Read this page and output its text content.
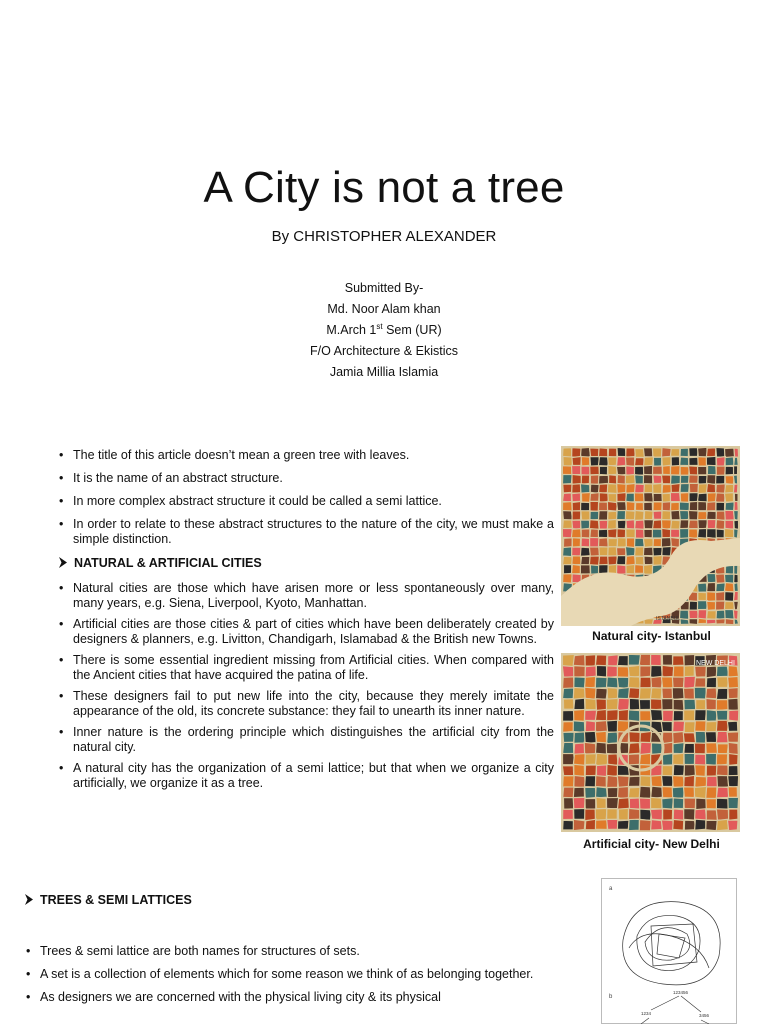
A City is not a tree
By CHRISTOPHER ALEXANDER
Submitted By-
Md. Noor Alam khan
M.Arch 1st Sem (UR)
F/O Architecture & Ekistics
Jamia Millia Islamia
• The title of this article doesn’t mean a green tree with leaves.
• It is the name of an abstract structure.
• In more complex abstract structure it could be called a semi lattice.
• In order to relate to these abstract structures to the nature of the city, we must make a simple distinction.
NATURAL & ARTIFICIAL CITIES
• Natural cities are those which have arisen more or less spontaneously over many, many years, e.g. Siena, Liverpool, Kyoto, Manhattan.
• Artificial cities are those cities & part of cities which have been deliberately created by designers & planners, e.g. Livitton, Chandigarh, Islamabad & the British new Towns.
• There is some essential ingredient missing from Artificial cities. When compared with the Ancient cities that have acquired the patina of life.
• These designers fail to put new life into the city, because they merely imitate the appearance of the old, its concrete substance: they fail to unearth its inner nature.
• Inner nature is the ordering principle which distinguishes the artificial city from the natural city.
• A natural city has the organization of a semi lattice; but that when we organize a city artificially, we organize it as a tree.
ISTANBUL
Natural city- Istanbul
NEW DELHI
Artificial city- New Delhi
TREES & SEMI LATTICES
• Trees & semi lattice are both names for structures of sets.
• A set is a collection of elements which for some reason we think of as belonging together.
• As designers we are concerned with the physical living city & its physical
a
b
123456
1234	3456
